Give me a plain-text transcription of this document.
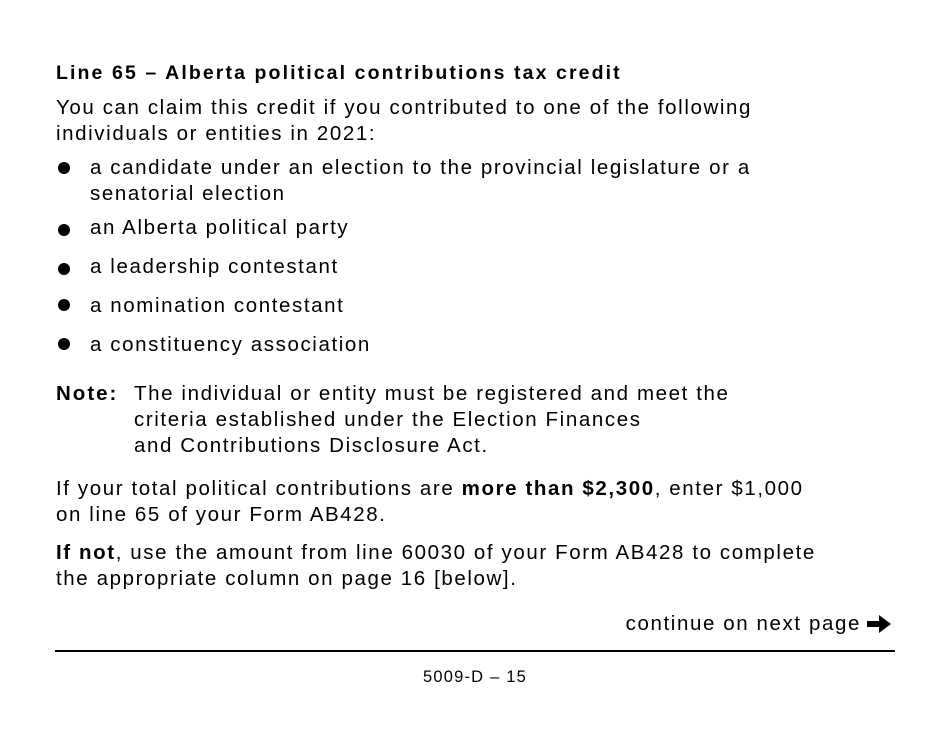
Line 65 – Alberta political contributions tax credit

You can claim this credit if you contributed to one of the following
individuals or entities in 2021:

a candidate under an election to the provincial legislature or a
senatorial election
an Alberta political party
a leadership contestant
a nomination contestant
a constituency association
Note: The individual or entity must be registered and meet the
criteria established under the Election Finances
and Contributions Disclosure Act.

If your total political contributions are more than $2,300, enter $1,000
on line 65 of your Form AB428.

If not, use the amount from line 60030 of your Form AB428 to complete
the appropriate column on page 16 [below].

continue on next page
5009-D – 15
